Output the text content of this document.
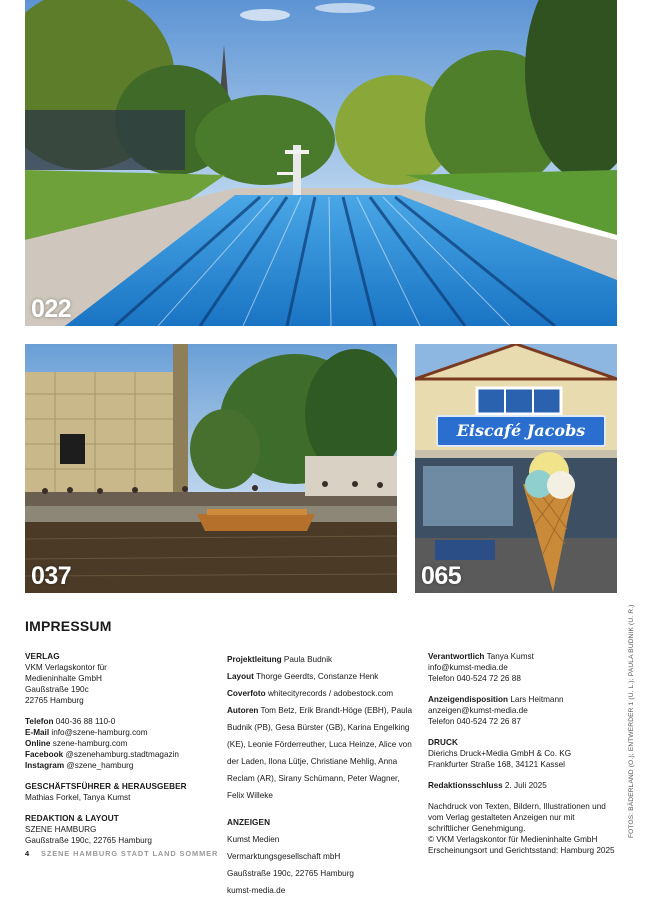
022
037
Eiscafé Jacobs
065
FOTOS: BÄDERLAND (O.); ENTWERDER 1 (U. L.); PAULA BUDNIK (U. R.)
IMPRESSUM
VERLAG
VKM Verlagskontor für
Medieninhalte GmbH
Gaußstraße 190c
22765 Hamburg
Telefon 040-36 88 110-0
E-Mail info@szene-hamburg.com
Online szene-hamburg.com
Facebook @szenehamburg.stadtmagazin
Instagram @szene_hamburg
GESCHÄFTSFÜHRER & HERAUSGEBER
Mathias Forkel, Tanya Kumst
REDAKTION & LAYOUT
SZENE HAMBURG
Gaußstraße 190c, 22765 Hamburg
Projektleitung Paula Budnik
Layout Thorge Geerdts, Constanze Henk
Coverfoto whitecityrecords / adobestock.com
Autoren Tom Betz, Erik Brandt-Höge (EBH), Paula Budnik (PB), Gesa Bürster (GB), Karina Engelking (KE), Leonie Förderreuther, Luca Heinze, Alice von der Laden, Ilona Lütje, Christiane Mehlig, Anna Reclam (AR), Sirany Schümann, Peter Wagner, Felix Willeke
ANZEIGEN
Kumst Medien
Vermarktungsgesellschaft mbH
Gaußstraße 190c, 22765 Hamburg
kumst-media.de
Verantwortlich Tanya Kumst
info@kumst-media.de
Telefon 040-524 72 26 88
Anzeigendisposition Lars Heitmann
anzeigen@kumst-media.de
Telefon 040-524 72 26 87
DRUCK
Dierichs Druck+Media GmbH & Co. KG
Frankfurter Straße 168, 34121 Kassel
Redaktionsschluss 2. Juli 2025
Nachdruck von Texten, Bildern, Illustrationen und vom Verlag gestalteten Anzeigen nur mit schriftlicher Genehmigung.
© VKM Verlagskontor für Medieninhalte GmbH
Erscheinungsort und Gerichtsstand: Hamburg 2025
4 SZENE HAMBURG STADT LAND SOMMER
